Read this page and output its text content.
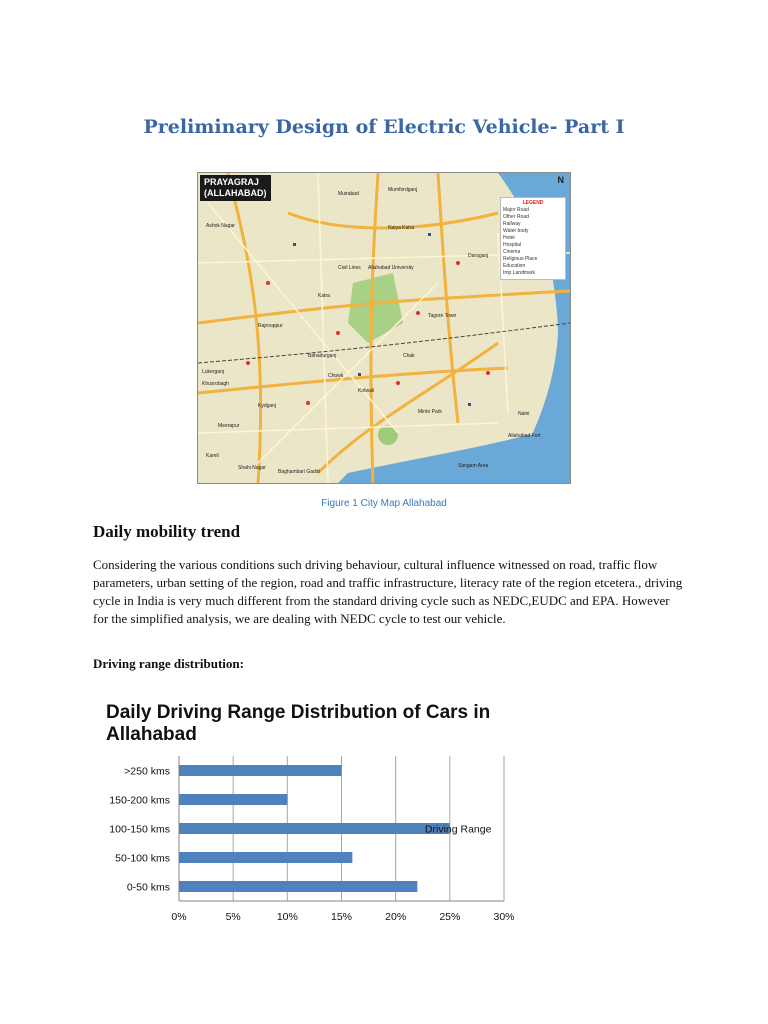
Preliminary Design of Electric Vehicle- Part I
PRAYAGRAJ
(ALLAHABAD)
N
LEGEND
Major Road
Other Road
Railway
Water body
Hotel
Hospital
Cinema
Religious Place
Education
Imp Landmark
Mumfordganj
Muirabad
Ashok Nagar	Naiya Katra
Allahabad University
Daraganj
Tagore Town
Katra
Civil Lines
Chowk
Kotwali
Sangam Area
Allahabad Fort
Naini
Kareli
Shahi Nagar
Baghambari Gaddi
Kydganj
Meerapur
Bahadurganj	Chak
Minto Park
Lukerganj
Khusrobagh
Rajrooppur
Figure 1 City Map Allahabad
Daily mobility trend
Considering the various conditions such driving behaviour, cultural influence witnessed on road, traffic flow parameters, urban setting of the region, road and traffic infrastructure, literacy rate of the region etcetera., driving cycle in India is very much different from the standard driving cycle such as NEDC,EUDC and EPA. However for the simplified analysis, we are dealing with NEDC cycle to test our vehicle.
Driving range distribution:
Daily Driving Range Distribution of Cars in Allahabad
0%	5%	10%	15%	20%	25%	30%
0-50 kms
50-100 kms
100-150 kms
150-200 kms
>250 kms
Driving Range
